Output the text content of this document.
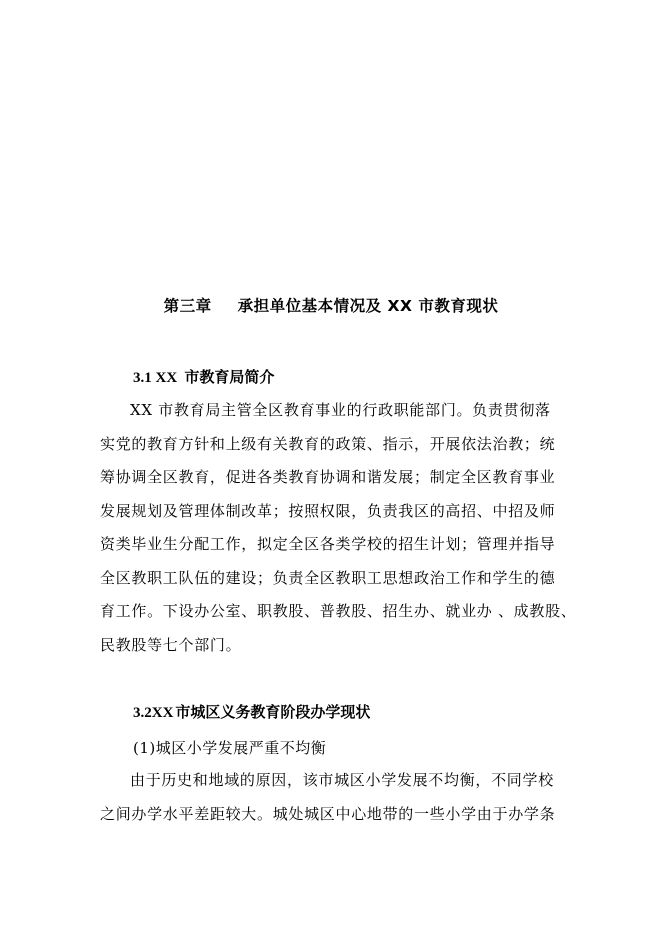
第三章 承担单位基本情况及 XX 市教育现状
3.1 XX 市教育局简介
XX 市教育局主管全区教育事业的行政职能部门。负责贯彻落
实党的教育方针和上级有关教育的政策、指示，开展依法治教；统
筹协调全区教育，促进各类教育协调和谐发展；制定全区教育事业
发展规划及管理体制改革；按照权限，负责我区的高招、中招及师
资类毕业生分配工作，拟定全区各类学校的招生计划；管理并指导
全区教职工队伍的建设；负责全区教职工思想政治工作和学生的德
育工作。下设办公室、职教股、普教股、招生办、就业办 、成教股、
民教股等七个部门。
3.2XX 市城区义务教育阶段办学现状
(1)城区小学发展严重不均衡
由于历史和地域的原因，该市城区小学发展不均衡，不同学校
之间办学水平差距较大。城处城区中心地带的一些小学由于办学条
